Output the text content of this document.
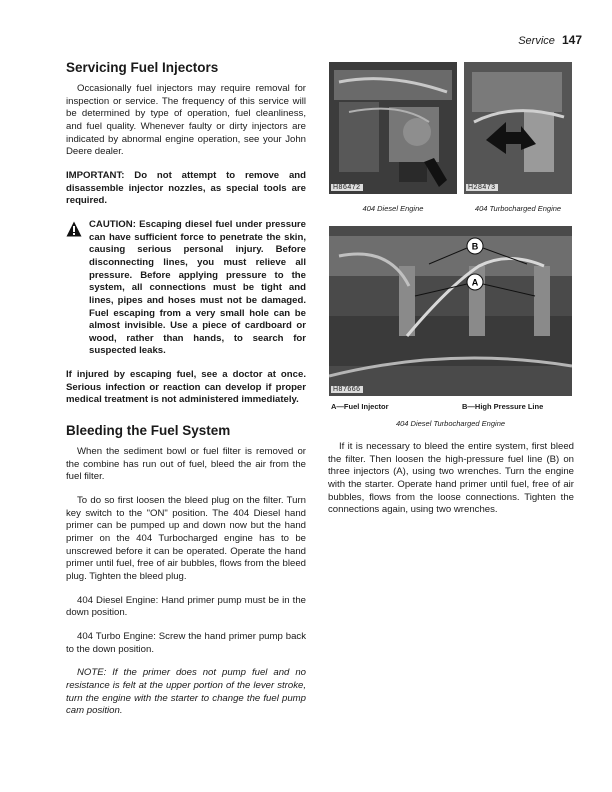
Service 147
Servicing Fuel Injectors

Occasionally fuel injectors may require removal for inspection or service. The frequency of this service will be determined by type of operation, fuel cleanliness, and fuel quality. Whenever faulty or dirty injectors are indicated by abnormal engine operation, see your John Deere dealer.

IMPORTANT: Do not attempt to remove and disassemble injector nozzles, as special tools are required.

CAUTION: Escaping diesel fuel under pressure can have sufficient force to penetrate the skin, causing serious personal injury. Before disconnecting lines, you must relieve all pressure. Before applying pressure to the system, all connections must be tight and lines, pipes and hoses must not be damaged. Fuel escaping from a very small hole can be almost invisible. Use a piece of cardboard or wood, rather than hands, to search for suspected leaks.

If injured by escaping fuel, see a doctor at once. Serious infection or reaction can develop if proper medical treatment is not administered immediately.

Bleeding the Fuel System

When the sediment bowl or fuel filter is removed or the combine has run out of fuel, bleed the air from the fuel filter.

To do so first loosen the bleed plug on the filter. Turn key switch to the "ON" position. The 404 Diesel hand primer can be pumped up and down now but the hand primer on the 404 Turbocharged engine has to be unscrewed before it can be operated. Operate the hand primer until fuel, free of air bubbles, flows from the bleed plug. Tighten the bleed plug.

404 Diesel Engine: Hand primer pump must be in the down position.

404 Turbo Engine: Screw the hand primer pump back to the down position.

NOTE: If the primer does not pump fuel and no resistance is felt at the upper portion of the lever stroke, turn the engine with the starter to change the fuel pump cam position.

H86472
404 Diesel Engine
H28473
404 Turbocharged Engine
B
A
H87666
A—Fuel Injector	B—High Pressure Line
404 Diesel Turbocharged Engine

If it is necessary to bleed the entire system, first bleed the filter. Then loosen the high-pressure fuel line (B) on three injectors (A), using two wrenches. Turn the engine with the starter. Operate hand primer until fuel, free of air bubbles, flows from the loose connections. Tighten the connections again, using two wrenches.
